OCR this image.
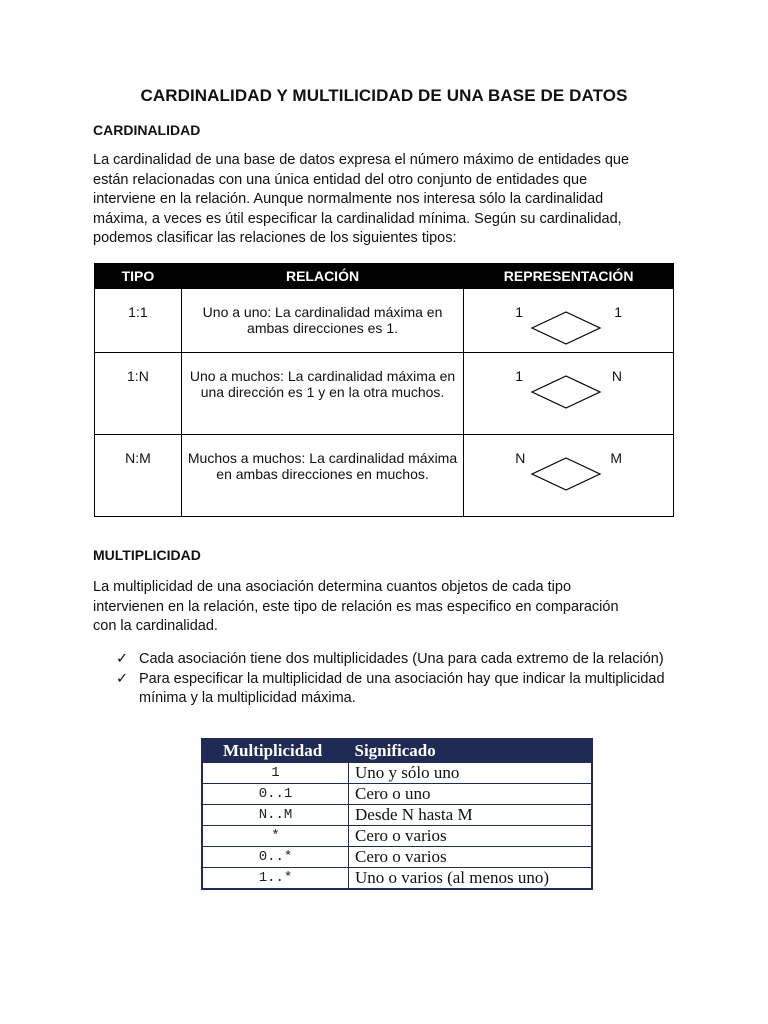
CARDINALIDAD Y MULTILICIDAD DE UNA BASE DE DATOS
CARDINALIDAD
La cardinalidad de una base de datos expresa el número máximo de entidades que
están relacionadas con una única entidad del otro conjunto de entidades que
interviene en la relación. Aunque normalmente nos interesa sólo la cardinalidad
máxima, a veces es útil especificar la cardinalidad mínima. Según su cardinalidad,
podemos clasificar las relaciones de los siguientes tipos:
TIPO	RELACIÓN	REPRESENTACIÓN
1:1	Uno a uno: La cardinalidad máxima en ambas direcciones es 1.	1 1

1:N	Uno a muchos: La cardinalidad máxima en una dirección es 1 y en la otra muchos.	1 N

N:M	Muchos a muchos: La cardinalidad máxima en ambas direcciones en muchos.	N M
MULTIPLICIDAD
La multiplicidad de una asociación determina cuantos objetos de cada tipo
intervienen en la relación, este tipo de relación es mas especifico en comparación
con la cardinalidad.
✓ Cada asociación tiene dos multiplicidades (Una para cada extremo de la relación)
✓ Para especificar la multiplicidad de una asociación hay que indicar la multiplicidad mínima y la multiplicidad máxima.
Multiplicidad	Significado
1	Uno y sólo uno
0..1	Cero o uno
N..M	Desde N hasta M
*	Cero o varios
0..*	Cero o varios
1..*	Uno o varios (al menos uno)
